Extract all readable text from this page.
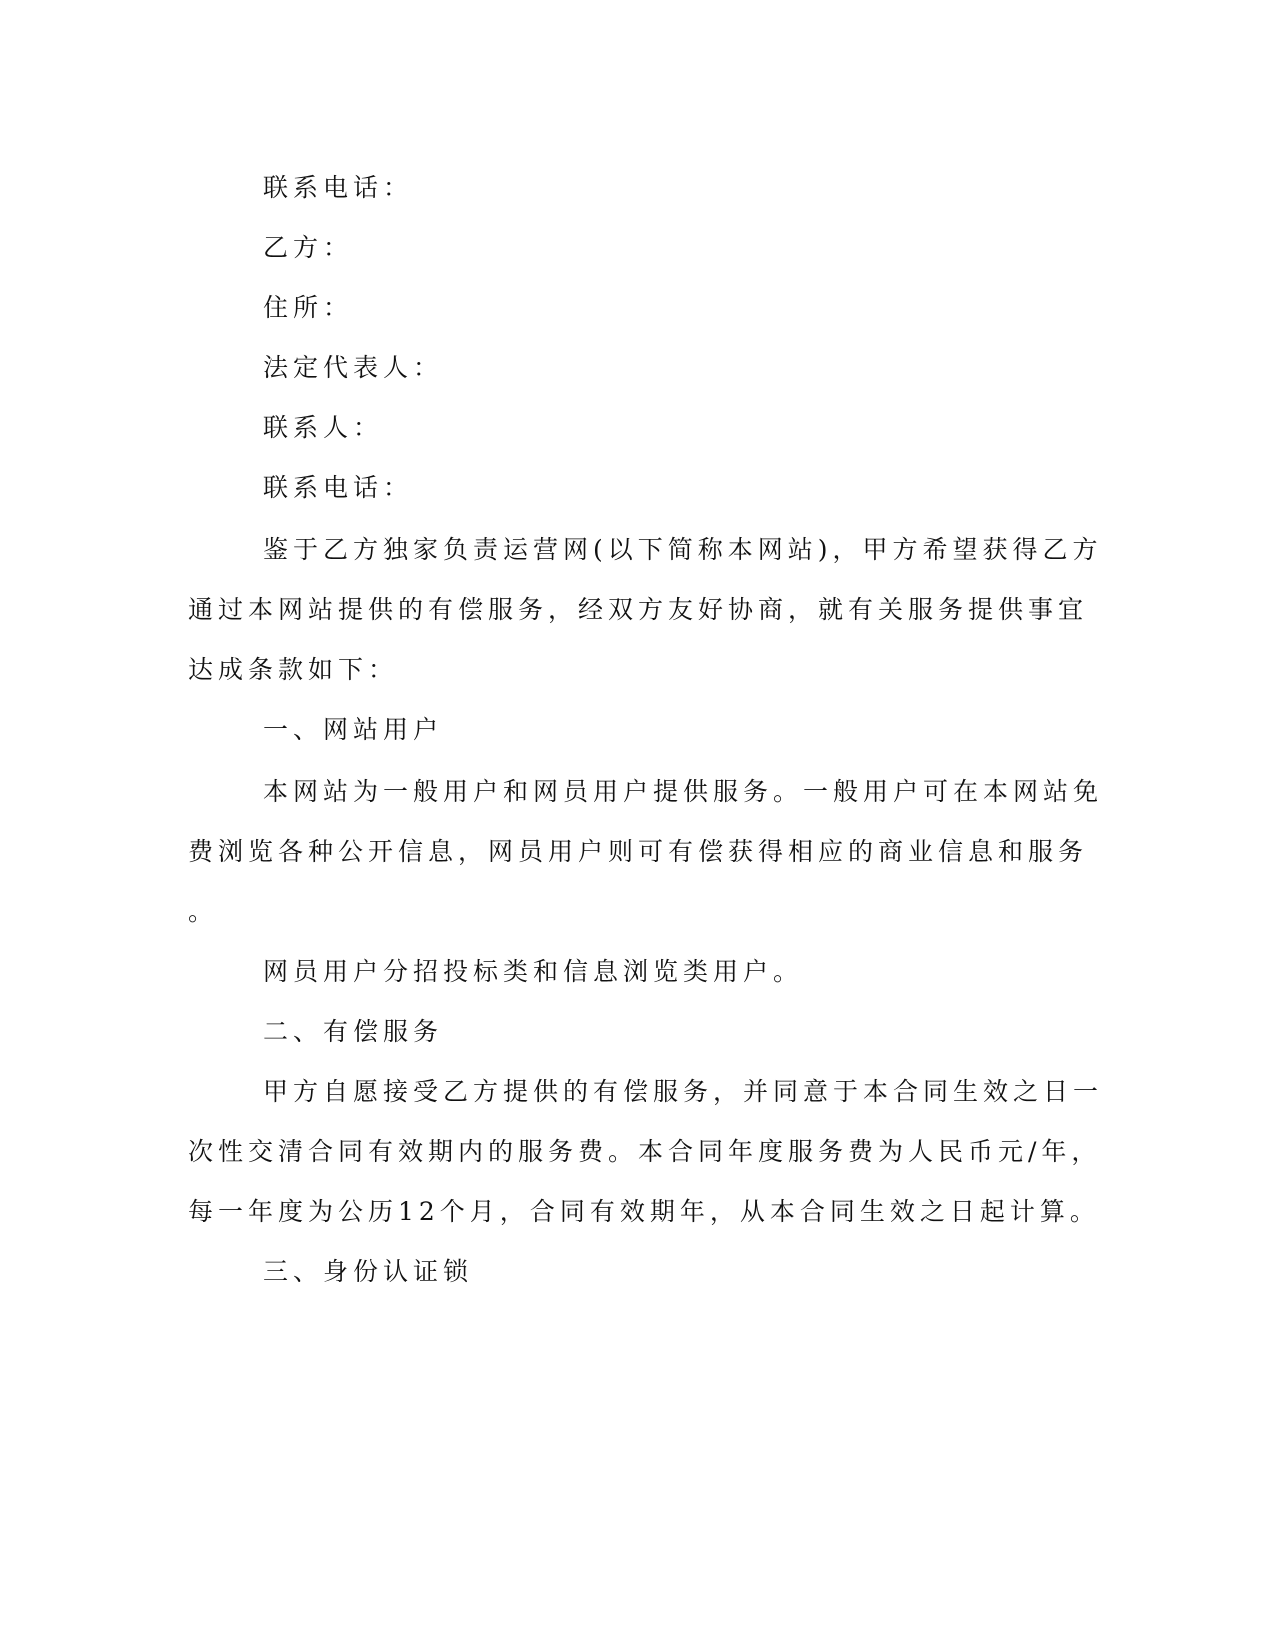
联系电话：
乙方：
住所：
法定代表人：
联系人：
联系电话：
鉴于乙方独家负责运营网(以下简称本网站)，甲方希望获得乙方
通过本网站提供的有偿服务，经双方友好协商，就有关服务提供事宜
达成条款如下：
一、网站用户
本网站为一般用户和网员用户提供服务。一般用户可在本网站免
费浏览各种公开信息，网员用户则可有偿获得相应的商业信息和服务
。
网员用户分招投标类和信息浏览类用户。
二、有偿服务
甲方自愿接受乙方提供的有偿服务，并同意于本合同生效之日一
次性交清合同有效期内的服务费。本合同年度服务费为人民币元/年，
每一年度为公历12个月，合同有效期年，从本合同生效之日起计算。
三、身份认证锁
